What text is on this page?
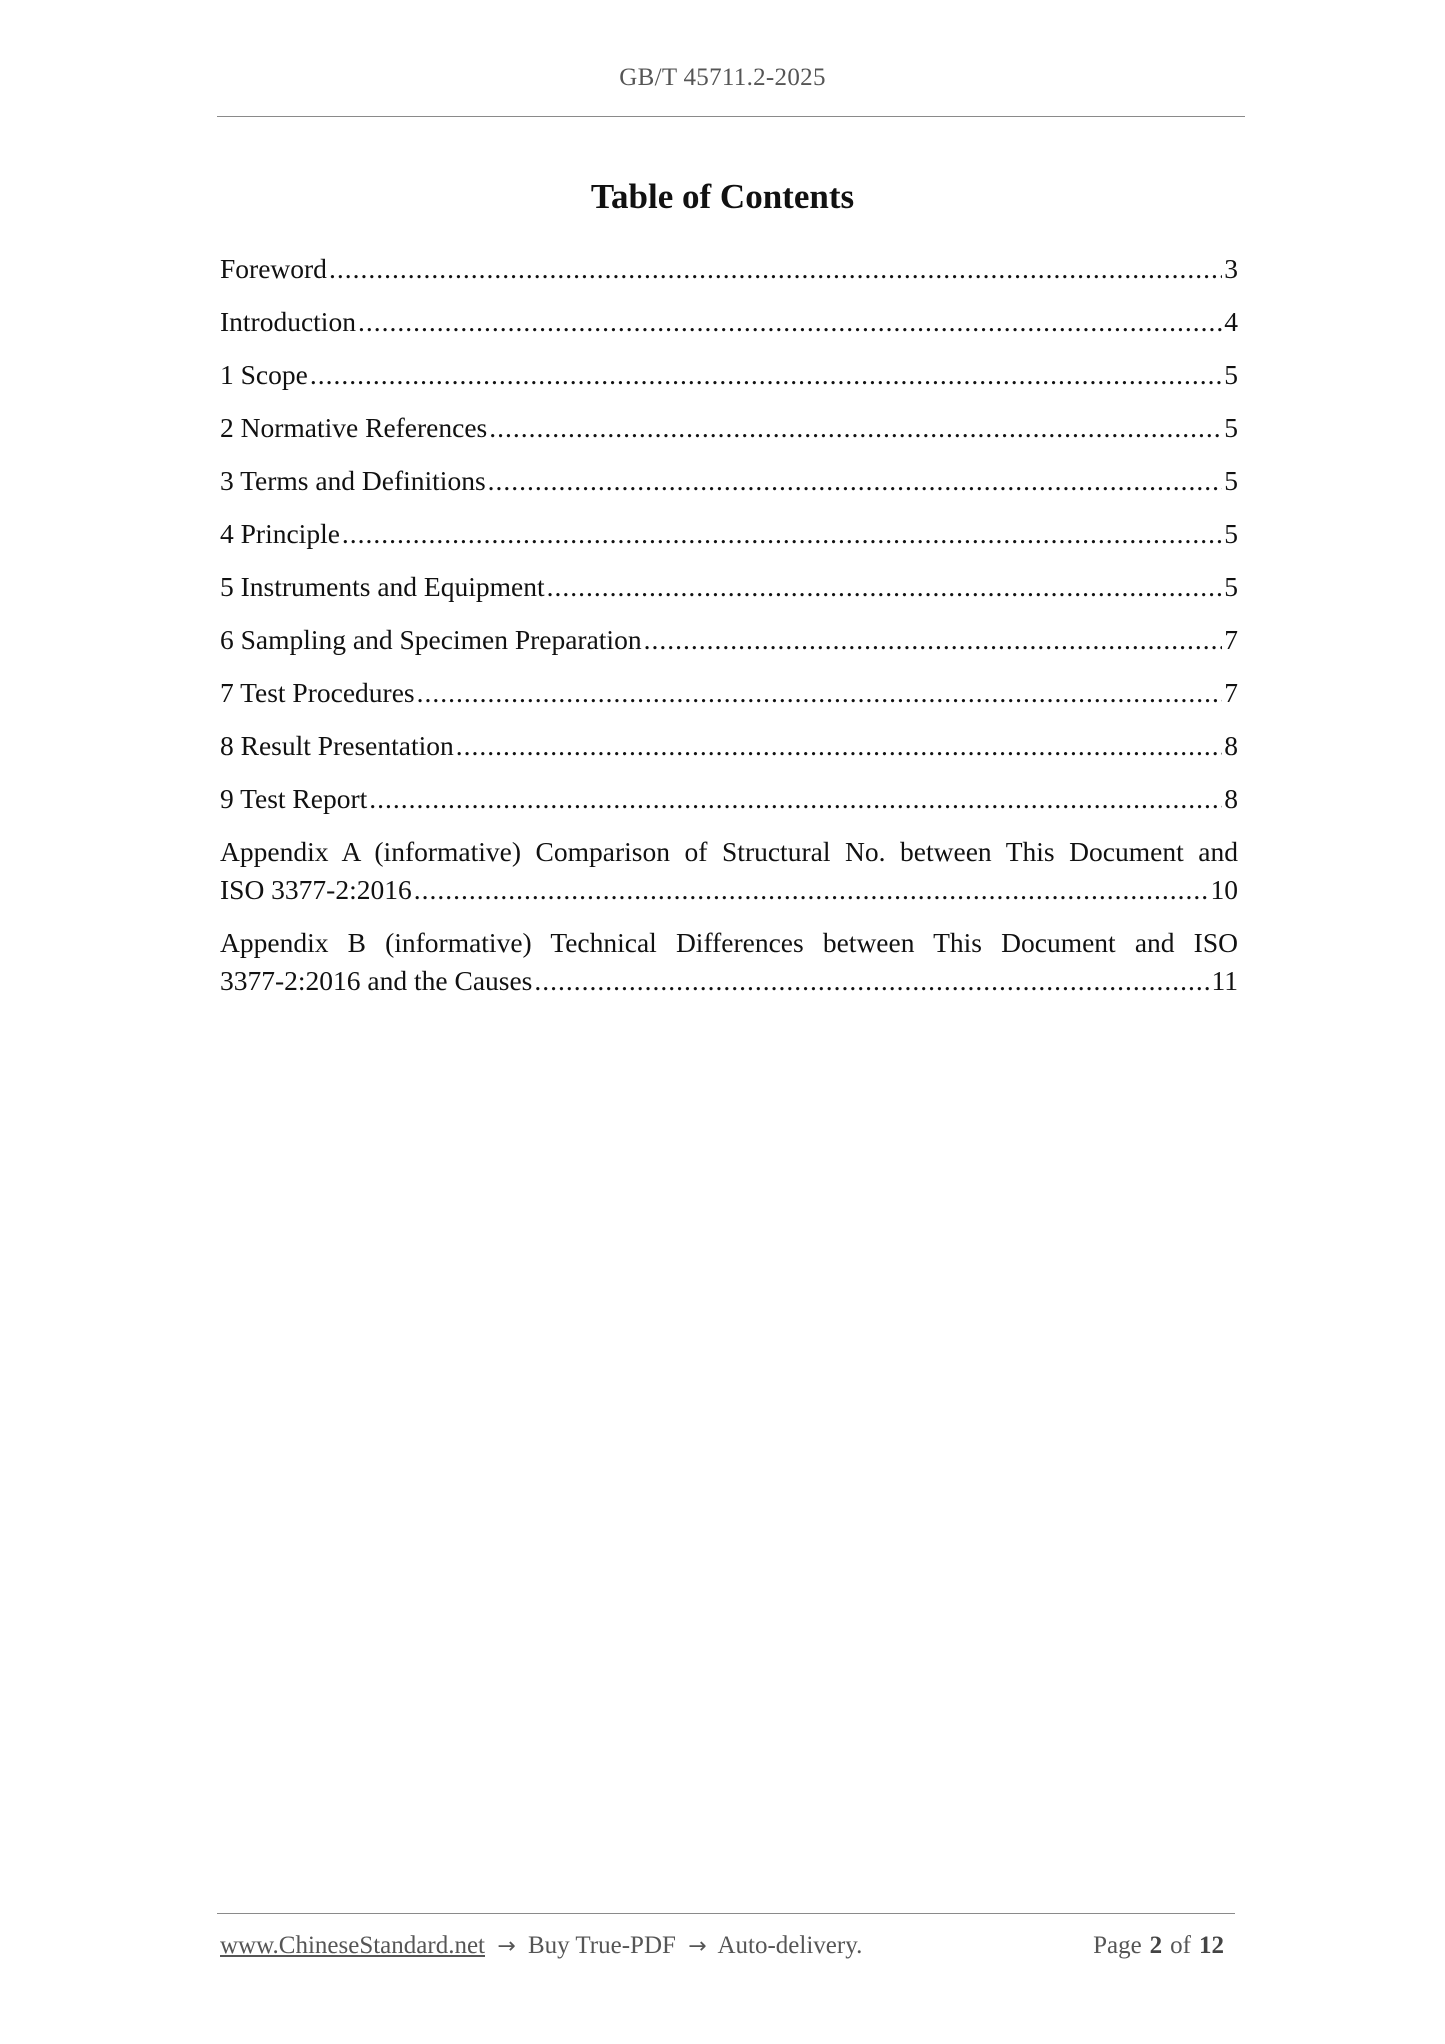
GB/T 45711.2-2025
Table of Contents
Foreword .....	3
Introduction .....	4
1 Scope .....	5
2 Normative References .....	5
3 Terms and Definitions .....	5
4 Principle .....	5
5 Instruments and Equipment .....	5
6 Sampling and Specimen Preparation .....	7
7 Test Procedures .....	7
8 Result Presentation .....	8
9 Test Report .....	8
Appendix A (informative) Comparison of Structural No. between This Document and
ISO 3377-2:2016 .....	10
Appendix B (informative) Technical Differences between This Document and ISO
3377-2:2016 and the Causes .....	11
www.ChineseStandard.net → Buy True-PDF → Auto-delivery.	Page 2 of 12
